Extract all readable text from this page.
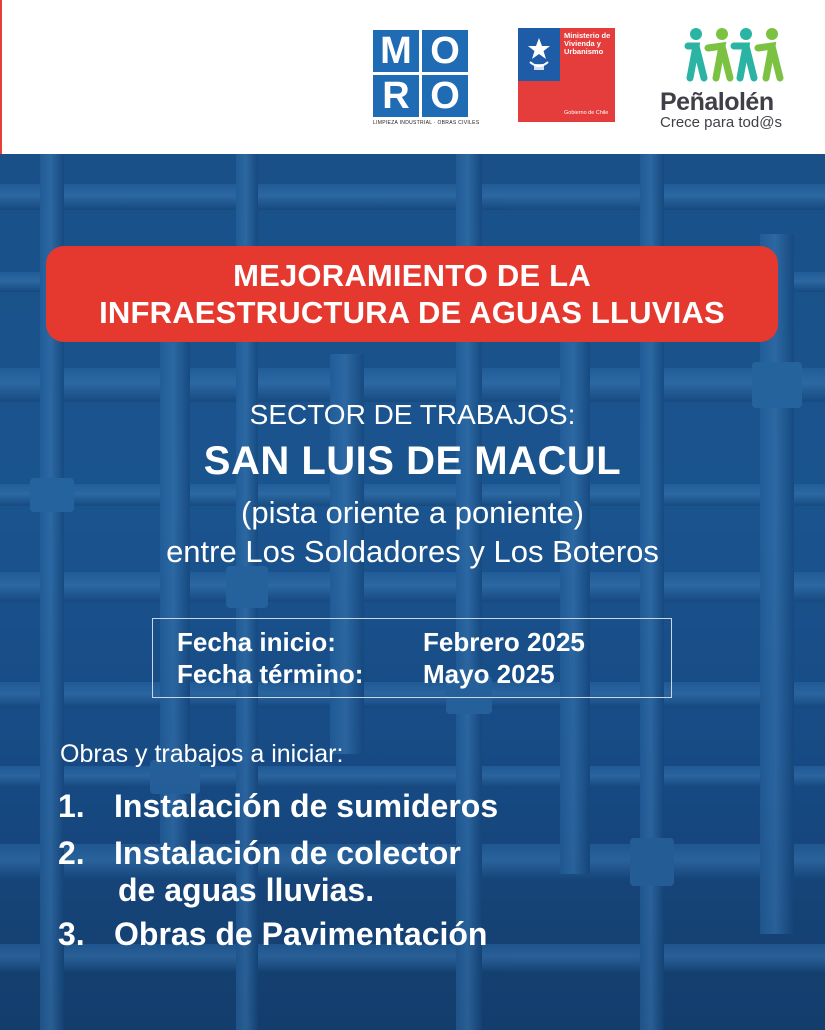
M O
R O
LIMPIEZA INDUSTRIAL · OBRAS CIVILES
Ministerio de
Vivienda y
Urbanismo
Gobierno de Chile Peñalolén
Crece para tod@s
MEJORAMIENTO DE LA
INFRAESTRUCTURA DE AGUAS LLUVIAS
SECTOR DE TRABAJOS:
SAN LUIS DE MACUL
(pista oriente a poniente)
entre Los Soldadores y Los Boteros
Fecha inicio:	Febrero 2025
Fecha término: Mayo 2025
Obras y trabajos a iniciar:
1. Instalación de sumideros
2. Instalación de colector
de aguas lluvias.
3. Obras de Pavimentación
